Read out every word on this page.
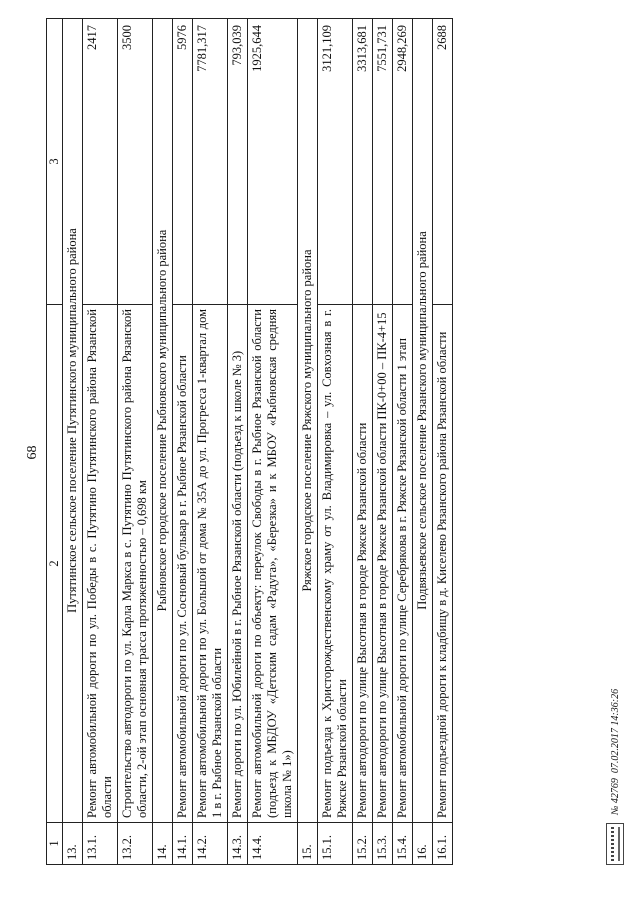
68
1	2	3
13.	Путятинское сельское поселение Путятинского муниципального района	
13.1.	Ремонт автомобильной дороги по ул. Победы в с. Путятино Путятинского района Рязанской области	2417
13.2.	Строительство автодороги по ул. Карла Маркса в с. Путятино Путятинского района Рязанской области, 2-ой этап основная трасса протяженностью – 0,698 км	3500
14.	Рыбновское городское поселение Рыбновского муниципального района	
14.1.	Ремонт автомобильной дороги по ул. Сосновый бульвар в г. Рыбное Рязанской области	5976
14.2.	Ремонт автомобильной дороги по ул. Большой от дома № 35А до ул. Прогресса 1-квартал дом 1 в г. Рыбное Рязанской области	7781,317
14.3.	Ремонт дороги по ул. Юбилейной в г. Рыбное Рязанской области (подъезд к школе № 3)	793,039
14.4.	Ремонт автомобильной дороги по объекту: переулок Свободы в г. Рыбное Рязанской области (подъезд к МБДОУ «Детским садам «Радуга», «Березка» и к МБОУ «Рыбновская средняя школа № 1»)	1925,644
15.	Ряжское городское поселение Ряжского муниципального района	
15.1.	Ремонт подъезда к Христорождественскому храму от ул. Владимировка – ул. Совхозная в г. Ряжске Рязанской области	3121,109
15.2.	Ремонт автодороги по улице Высотная в городе Ряжске Рязанской области	3313,681
15.3.	Ремонт автодороги по улице Высотная в городе Ряжске Рязанской области ПК-0+00 – ПК-4+15	7551,731
15.4.	Ремонт автомобильной дороги по улице Серебрякова в г. Ряжске Рязанской области 1 этап	2948,269
16.	Подвязьевское сельское поселение Рязанского муниципального района	
16.1.	Ремонт подъездной дороги к кладбищу в д. Киселево Рязанского района Рязанской области	2688
№ 42769

07.02.2017 14:36:26
